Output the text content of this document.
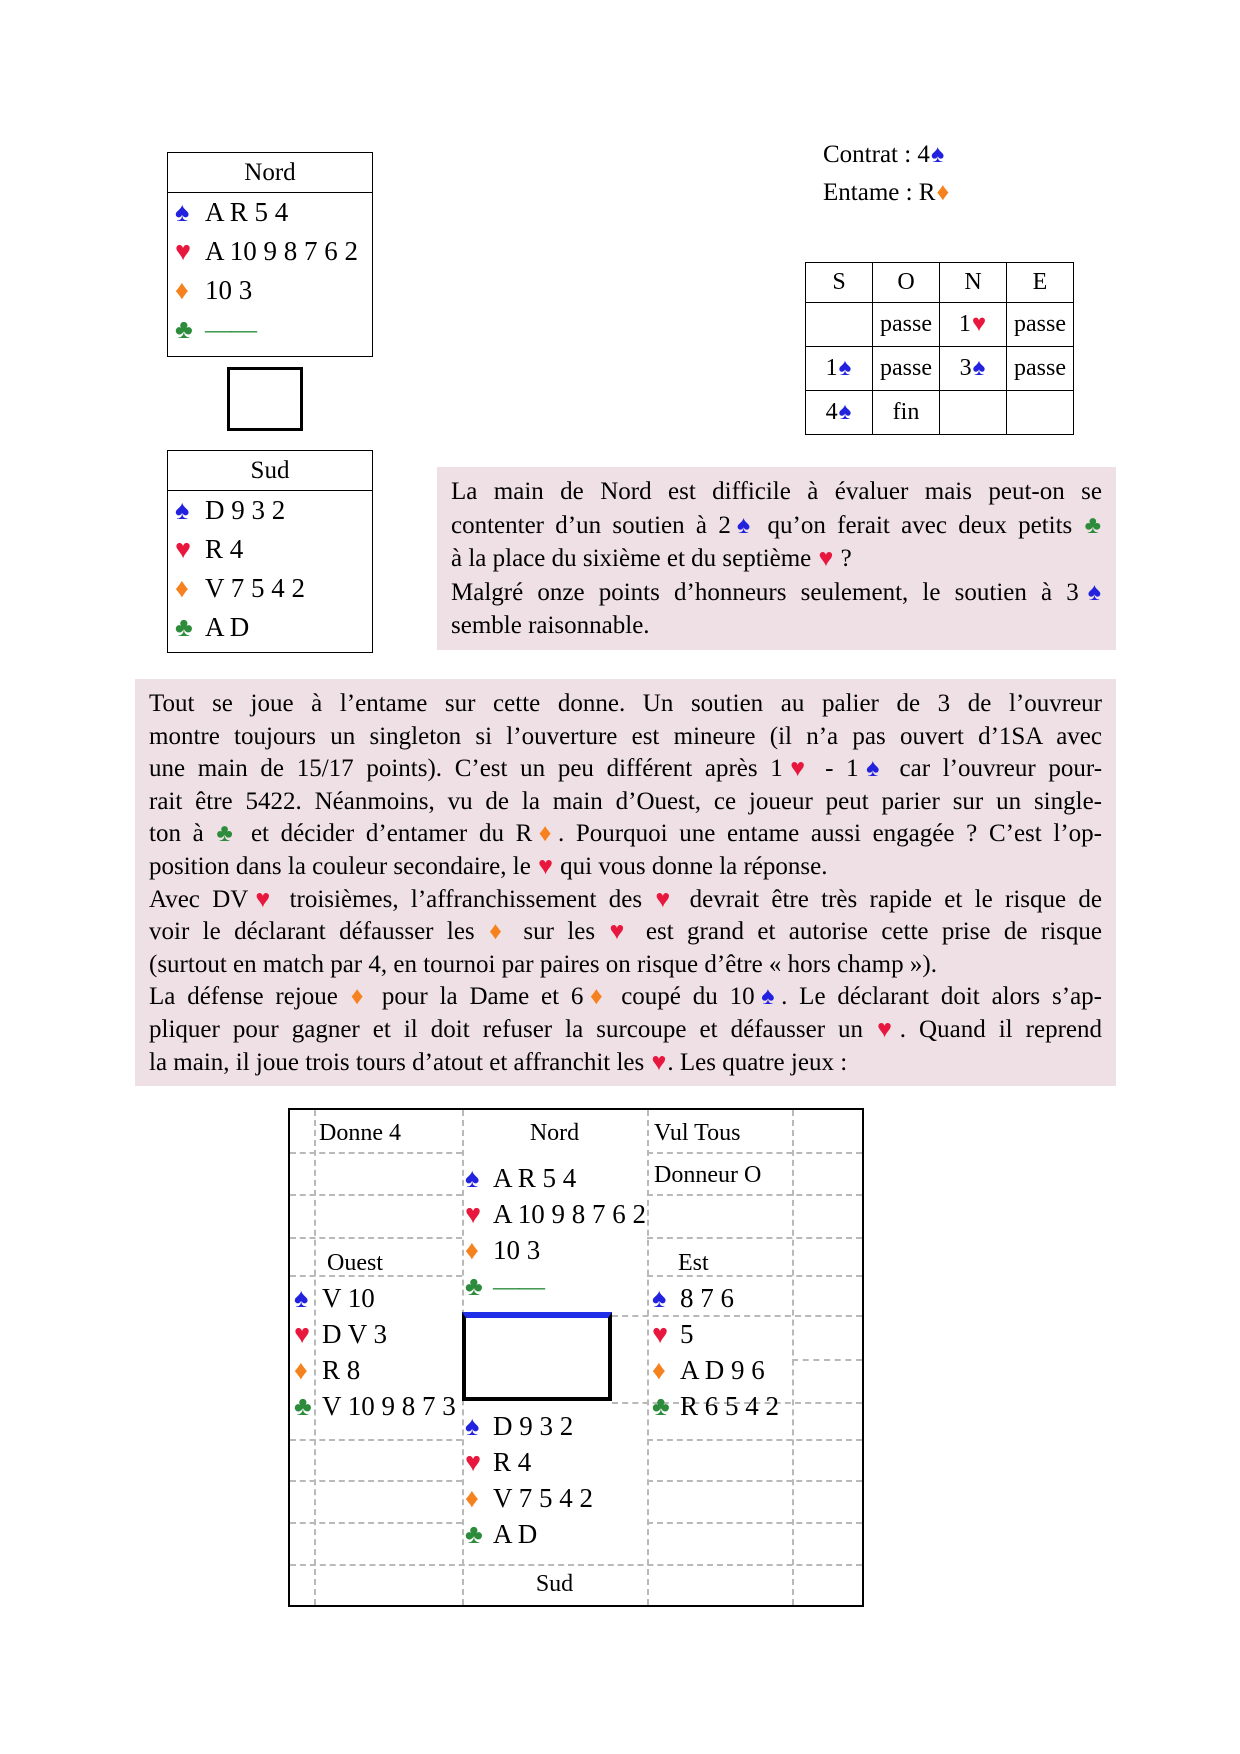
Nord
♠ A R 5 4
♥ A 10 9 8 7 6 2
♦ 10 3
♣ ——
Sud
♠ D 9 3 2
♥ R 4
♦ V 7 5 4 2
♣ A D
Contrat : 4♠
Entame : R♦
S	O	N	E
	passe	1♥	passe
1♠	passe	3♠	passe
4♠	fin		
La main de Nord est difficile à évaluer mais peut-on se
contenter d’un soutien à 2♠ qu’on ferait avec deux petits ♣
à la place du sixième et du septième ♥ ?
Malgré onze points d’honneurs seulement, le soutien à 3♠
semble raisonnable.
Tout se joue à l’entame sur cette donne. Un soutien au palier de 3 de l’ouvreur
montre toujours un singleton si l’ouverture est mineure (il n’a pas ouvert d’1SA avec
une main de 15/17 points). C’est un peu différent après 1♥ - 1♠ car l’ouvreur pour-
rait être 5422. Néanmoins, vu de la main d’Ouest, ce joueur peut parier sur un single-
ton à ♣ et décider d’entamer du R♦. Pourquoi une entame aussi engagée ? C’est l’op-
position dans la couleur secondaire, le ♥ qui vous donne la réponse.
Avec DV♥ troisièmes, l’affranchissement des ♥ devrait être très rapide et le risque de
voir le déclarant défausser les ♦ sur les ♥ est grand et autorise cette prise de risque
(surtout en match par 4, en tournoi par paires on risque d’être « hors champ »).
La défense rejoue ♦ pour la Dame et 6♦ coupé du 10♠. Le déclarant doit alors s’ap-
pliquer pour gagner et il doit refuser la surcoupe et défausser un ♥. Quand il reprend
la main, il joue trois tours d’atout et affranchit les ♥. Les quatre jeux :
Donne 4	Nord	Vul Tous
Donneur O
Ouest	Est
Sud
♠ A R 5 4
♥ A 10 9 8 7 6 2
♦ 10 3
♣ ——
♠ V 10
♥ D V 3
♦ R 8
♣ V 10 9 8 7 3
♠ 8 7 6
♥ 5
♦ A D 9 6
♣ R 6 5 4 2
♠ D 9 3 2
♥ R 4
♦ V 7 5 4 2
♣ A D
